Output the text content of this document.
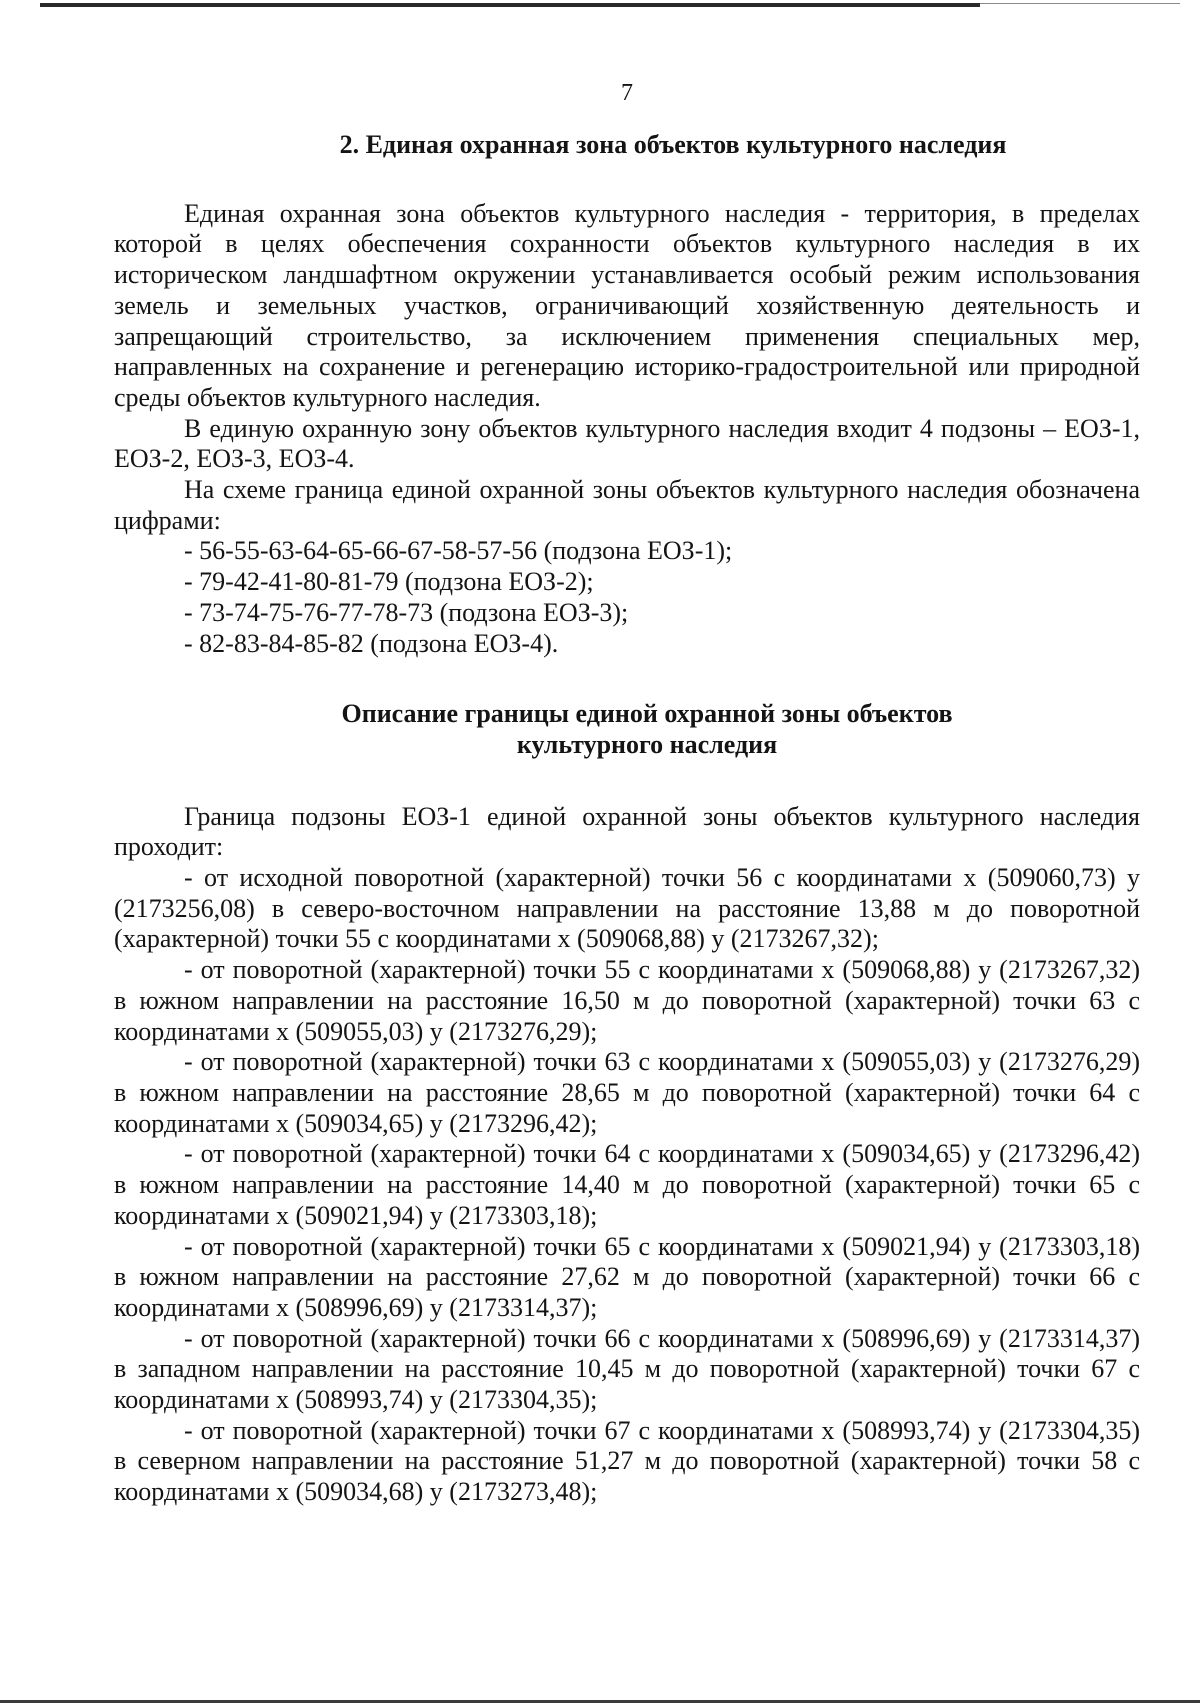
7
2. Единая охранная зона объектов культурного наследия

Единая охранная зона объектов культурного наследия - территория, в пределах которой в целях обеспечения сохранности объектов культурного наследия в их историческом ландшафтном окружении устанавливается особый режим использования земель и земельных участков, ограничивающий хозяйственную деятельность и запрещающий строительство, за исключением применения специальных мер, направленных на сохранение и регенерацию историко-градостроительной или природной среды объектов культурного наследия.

В единую охранную зону объектов культурного наследия входит 4 подзоны – ЕОЗ-1, ЕОЗ-2, ЕОЗ-3, ЕОЗ-4.

На схеме граница единой охранной зоны объектов культурного наследия обозначена цифрами:

- 56-55-63-64-65-66-67-58-57-56 (подзона ЕОЗ-1);

- 79-42-41-80-81-79 (подзона ЕОЗ-2);

- 73-74-75-76-77-78-73 (подзона ЕОЗ-3);

- 82-83-84-85-82 (подзона ЕОЗ-4).

Описание границы единой охранной зоны объектов
культурного наследия

Граница подзоны ЕОЗ-1 единой охранной зоны объектов культурного наследия проходит:

- от исходной поворотной (характерной) точки 56 с координатами х (509060,73) у (2173256,08) в северо-восточном направлении на расстояние 13,88 м до поворотной (характерной) точки 55 с координатами х (509068,88) у (2173267,32);

- от поворотной (характерной) точки 55 с координатами х (509068,88) у (2173267,32) в южном направлении на расстояние 16,50 м до поворотной (характерной) точки 63 с координатами х (509055,03) у (2173276,29);

- от поворотной (характерной) точки 63 с координатами х (509055,03) у (2173276,29) в южном направлении на расстояние 28,65 м до поворотной (характерной) точки 64 с координатами х (509034,65) у (2173296,42);

- от поворотной (характерной) точки 64 с координатами х (509034,65) у (2173296,42) в южном направлении на расстояние 14,40 м до поворотной (характерной) точки 65 с координатами х (509021,94) у (2173303,18);

- от поворотной (характерной) точки 65 с координатами х (509021,94) у (2173303,18) в южном направлении на расстояние 27,62 м до поворотной (характерной) точки 66 с координатами х (508996,69) у (2173314,37);

- от поворотной (характерной) точки 66 с координатами х (508996,69) у (2173314,37) в западном направлении на расстояние 10,45 м до поворотной (характерной) точки 67 с координатами х (508993,74) у (2173304,35);

- от поворотной (характерной) точки 67 с координатами х (508993,74) у (2173304,35) в северном направлении на расстояние 51,27 м до поворотной (характерной) точки 58 с координатами х (509034,68) у (2173273,48);
